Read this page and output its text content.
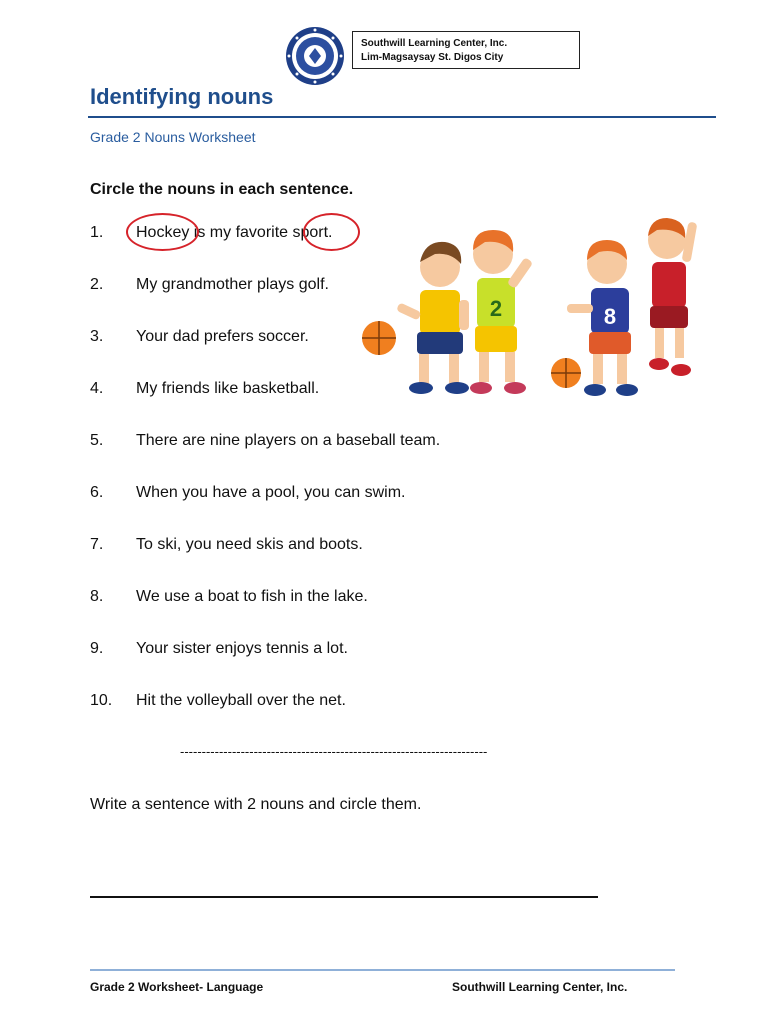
Southwill Learning Center, Inc.
Lim-Magsaysay St. Digos City
Identifying nouns
Grade 2 Nouns Worksheet
Circle the nouns in each sentence.
1. Hockey is my favorite sport.
2. My grandmother plays golf.
3. Your dad prefers soccer.
4. My friends like basketball.
5. There are nine players on a baseball team.
6. When you have a pool, you can swim.
7. To ski, you need skis and boots.
8. We use a boat to fish in the lake.
9. Your sister enjoys tennis a lot.
10. Hit the volleyball over the net.
2	8
-----------------------------------------------------------------------
Write a sentence with 2 nouns and circle them.
Grade 2 Worksheet- Language	Southwill Learning Center, Inc.
